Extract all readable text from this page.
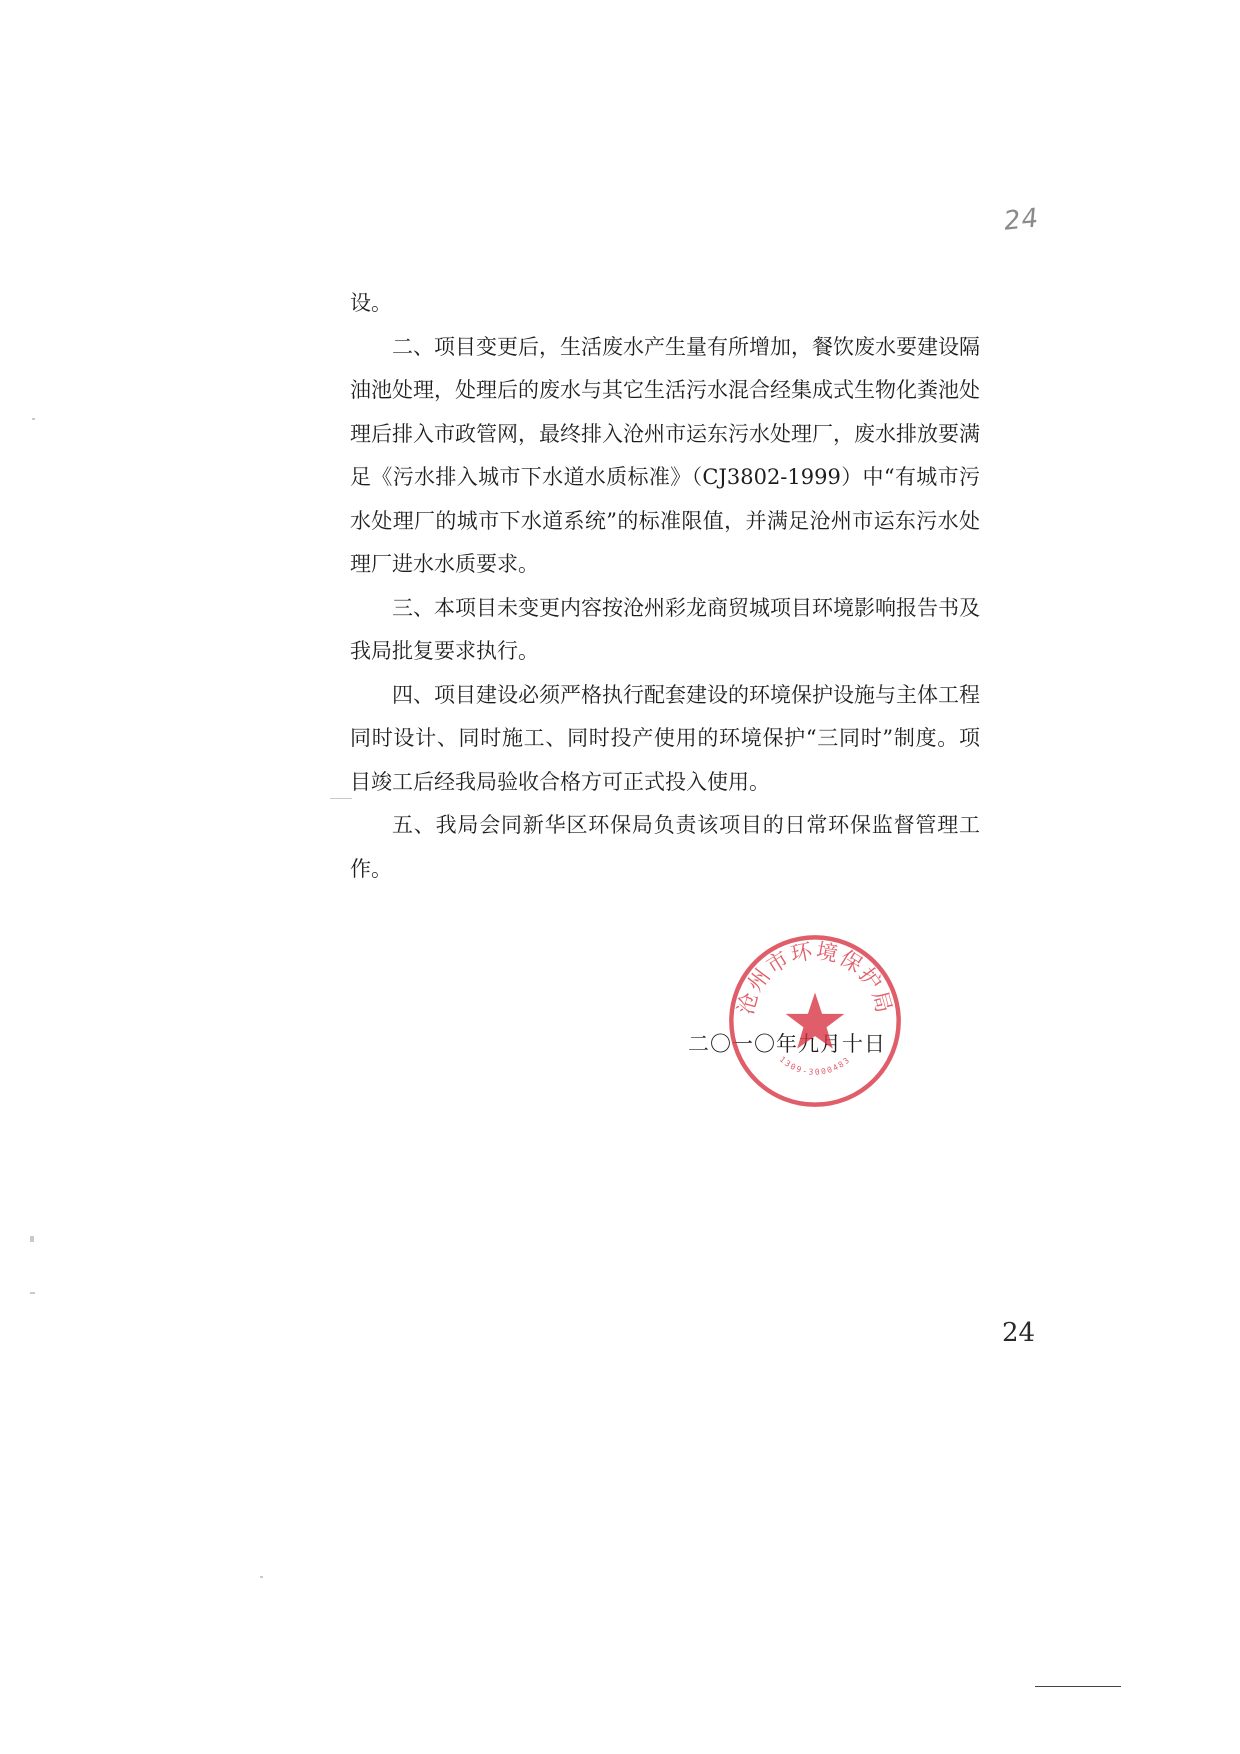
24

设。

二、项目变更后，生活废水产生量有所增加，餐饮废水要建设隔油池处理，处理后的废水与其它生活污水混合经集成式生物化粪池处理后排入市政管网，最终排入沧州市运东污水处理厂，废水排放要满足《污水排入城市下水道水质标准》（CJ3802-1999）中“有城市污水处理厂的城市下水道系统”的标准限值，并满足沧州市运东污水处理厂进水水质要求。

三、本项目未变更内容按沧州彩龙商贸城项目环境影响报告书及我局批复要求执行。

四、项目建设必须严格执行配套建设的环境保护设施与主体工程同时设计、同时施工、同时投产使用的环境保护“三同时”制度。项目竣工后经我局验收合格方可正式投入使用。

五、我局会同新华区环保局负责该项目的日常环保监督管理工作。

二〇一〇年九月十日
沧州市环境保护局
1309-3000483
24
